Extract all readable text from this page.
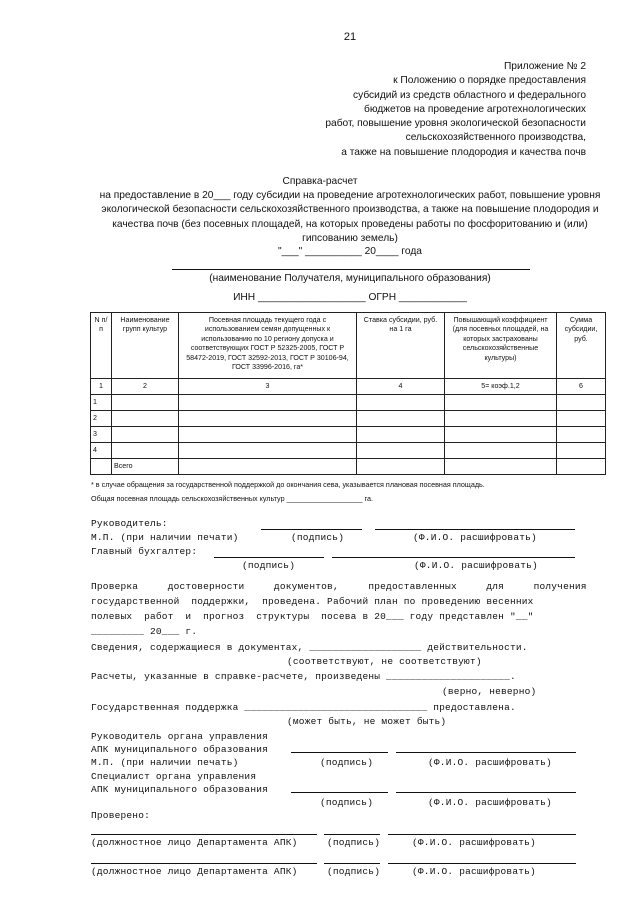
21
Приложение № 2
к Положению о порядке предоставления
субсидий из средств областного и федерального
бюджетов на проведение агротехнологических
работ, повышение уровня экологической безопасности
сельскохозяйственного производства,
а также на повышение плодородия и качества почв
Справка-расчет
на предоставление в 20___ году субсидии на проведение агротехнологических работ, повышение уровня экологической безопасности сельскохозяйственного производства, а также на повышение плодородия и качества почв (без посевных площадей, на которых проведены работы по фосфоритованию и (или) гипсованию земель)
"___" __________ 20____ года
(наименование Получателя, муниципального образования)
ИНН ___________________ ОГРН ____________
N п/п	Наименование групп культур	Посевная площадь текущего года с использованием семян допущенных к использованию по 10 региону допуска и соответствующих ГОСТ Р 52325-2005, ГОСТ Р 58472-2019, ГОСТ 32592-2013, ГОСТ Р 30106-94, ГОСТ 33996-2016, га*	Ставка субсидии, руб. на 1 га	Повышающий коэффициент (для посевных площадей, на которых застрахованы сельскохозяйственные культуры)	Сумма субсидии, руб.
1	2	3	4	5= коэф.1,2	6
1					
2					
3					
4					
	Всего				
* в случае обращения за государственной поддержкой до окончания сева, указывается плановая посевная площадь.
Общая посевная площадь сельскохозяйственных культур ___________________ га.
Руководитель:
М.П. (при наличии печати)	(подпись)	(Ф.И.О. расшифровать)
Главный бухгалтер:
(подпись)	(Ф.И.О. расшифровать)
Проверка     достоверности     документов,     предоставленных     для     получения
государственной  поддержки,  проведена. Рабочий план по проведению весенних
полевых  работ  и  прогноз  структуры  посева в 20___ году представлен "__"
_________ 20___ г.
Сведения, содержащиеся в документах, ___________________ действительности.
(соответствуют, не соответствуют)
Расчеты, указанные в справке-расчете, произведены _____________________.
(верно, неверно)
Государственная поддержка _______________________________ предоставлена.
(может быть, не может быть)
Руководитель органа управления
АПК муниципального образования
М.П. (при наличии печать)	(подпись)	(Ф.И.О. расшифровать)
Специалист органа управления
АПК муниципального образования
(подпись)	(Ф.И.О. расшифровать)
Проверено:
(должностное лицо Департамента АПК)	(подпись)	(Ф.И.О. расшифровать)
(должностное лицо Департамента АПК)	(подпись)	(Ф.И.О. расшифровать)
